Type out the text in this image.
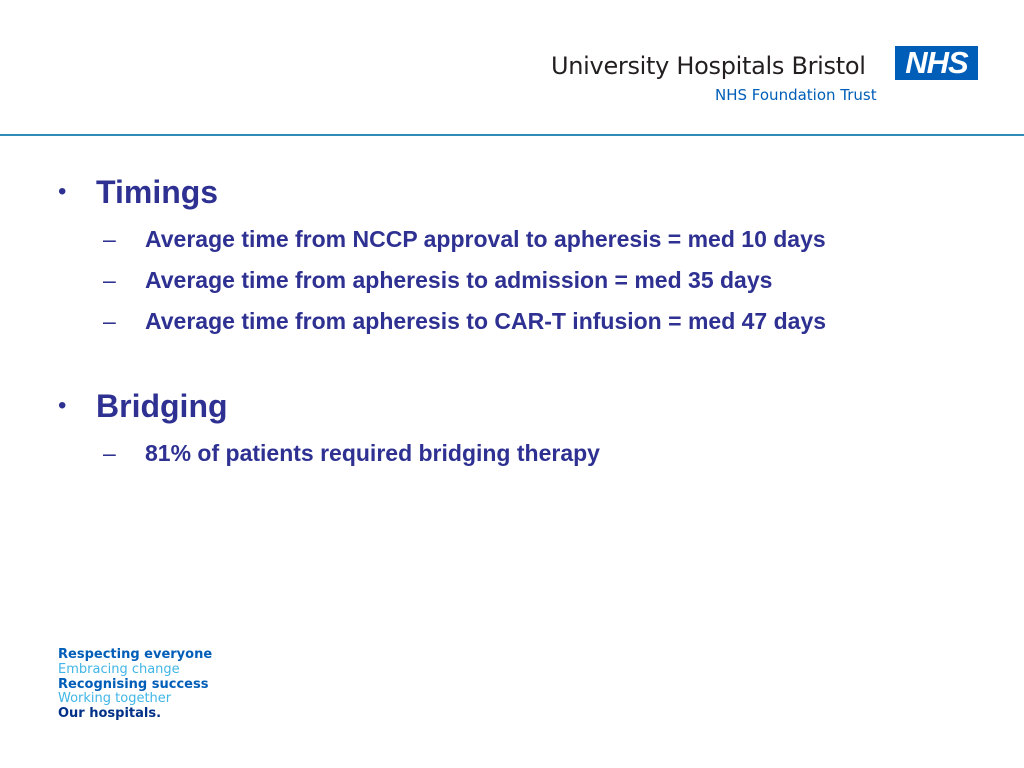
University Hospitals Bristol
NHS Foundation Trust
NHS
• Timings
– Average time from NCCP approval to apheresis = med 10 days
– Average time from apheresis to admission = med 35 days
– Average time from apheresis to CAR-T infusion = med 47 days
• Bridging
– 81% of patients required bridging therapy
Respecting everyone
Embracing change
Recognising success
Working together
Our hospitals.
